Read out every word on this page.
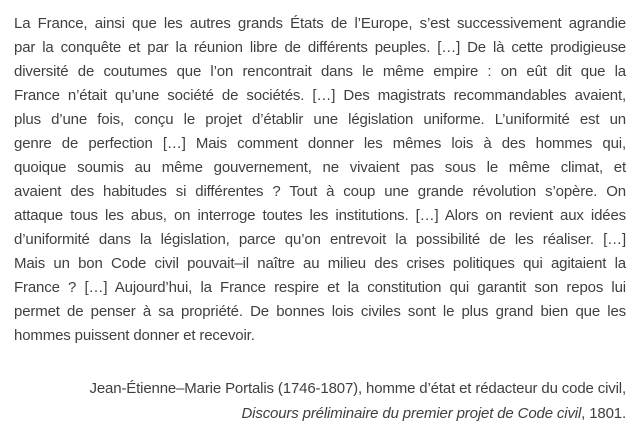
La France, ainsi que les autres grands États de l’Europe, s’est successivement agrandie
par la conquête et par la réunion libre de différents peuples. […] De là cette prodigieuse
diversité de coutumes que l’on rencontrait dans le même empire : on eût dit que la
France n’était qu’une société de sociétés. […] Des magistrats recommandables avaient,
plus d’une fois, conçu le projet d’établir une législation uniforme. L’uniformité est un
genre de perfection […] Mais comment donner les mêmes lois à des hommes qui,
quoique soumis au même gouvernement, ne vivaient pas sous le même climat, et
avaient des habitudes si différentes ? Tout à coup une grande révolution s’opère. On
attaque tous les abus, on interroge toutes les institutions. […] Alors on revient aux idées
d’uniformité dans la législation, parce qu’on entrevoit la possibilité de les réaliser. […]
Mais un bon Code civil pouvait–il naître au milieu des crises politiques qui agitaient la
France ? […] Aujourd’hui, la France respire et la constitution qui garantit son repos lui
permet de penser à sa propriété. De bonnes lois civiles sont le plus grand bien que les
hommes puissent donner et recevoir.
Jean-Étienne–Marie Portalis (1746-1807), homme d’état et rédacteur du code civil,
Discours préliminaire du premier projet de Code civil, 1801.
